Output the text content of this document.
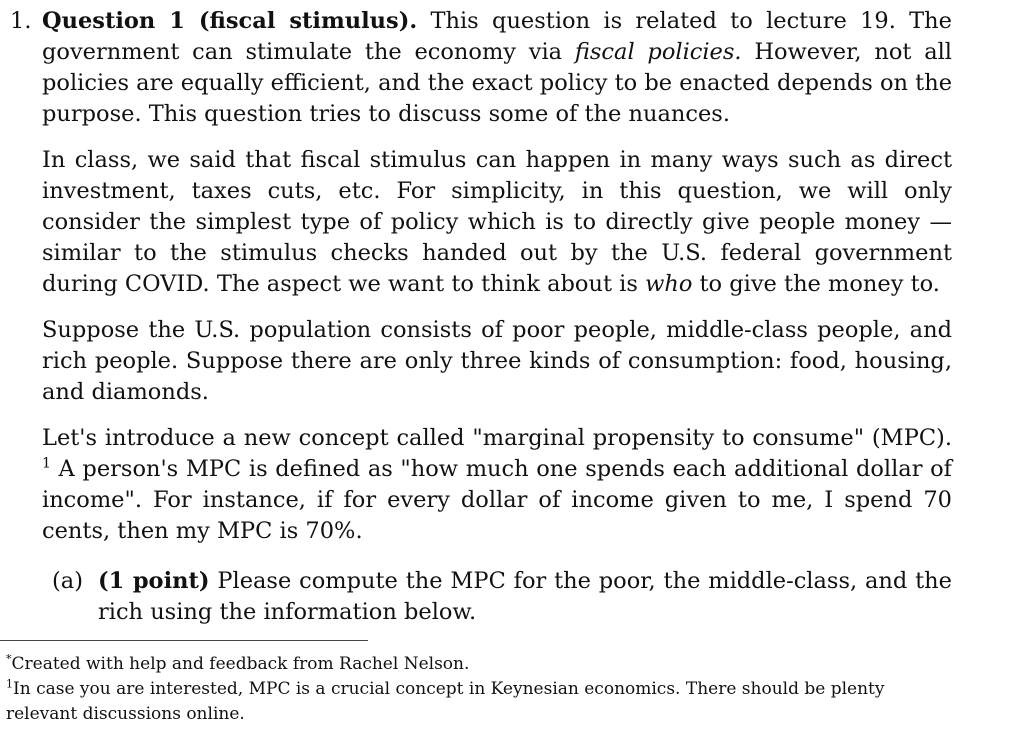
1. Question 1 (fiscal stimulus). This question is related to lecture 19. The government can stimulate the economy via fiscal policies. However, not all policies are equally efficient, and the exact policy to be enacted depends on the purpose. This question tries to discuss some of the nuances.

In class, we said that fiscal stimulus can happen in many ways such as direct investment, taxes cuts, etc. For simplicity, in this question, we will only consider the simplest type of policy which is to directly give people money — similar to the stimulus checks handed out by the U.S. federal government during COVID. The aspect we want to think about is who to give the money to.

Suppose the U.S. population consists of poor people, middle-class people, and rich people. Suppose there are only three kinds of consumption: food, housing, and diamonds.

Let's introduce a new concept called "marginal propensity to consume" (MPC). $^1$ A person's MPC is defined as "how much one spends each additional dollar of income". For instance, if for every dollar of income given to me, I spend 70 cents, then my MPC is 70%.

(a) (1 point) Please compute the MPC for the poor, the middle-class, and the rich using the information below.

*Created with help and feedback from Rachel Nelson.

$^1$In case you are interested, MPC is a crucial concept in Keynesian economics. There should be plenty relevant discussions online.
